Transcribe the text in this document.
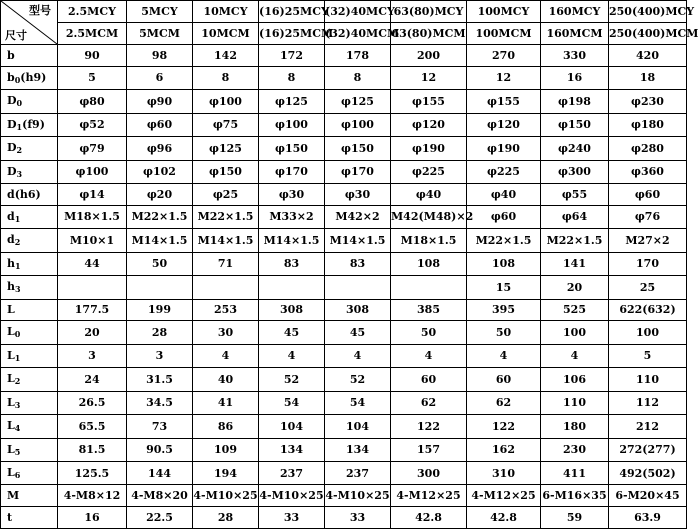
型号
尺寸	2.5MCY	5MCY	10MCY	(16)25MCY	(32)40MCY	63(80)MCY	100MCY	160MCY	250(400)MCY
	2.5MCM	5MCM	10MCM	(16)25MCM	(32)40MCM	63(80)MCM	100MCM	160MCM	250(400)MCM
b	90	98	142	172	178	200	270	330	420
$b_0(h9)$	5	6	8	8	8	12	12	16	18
$D_0$	φ80	φ90	φ100	φ125	φ125	φ155	φ155	φ198	φ230
$D_1(f9)$	φ52	φ60	φ75	φ100	φ100	φ120	φ120	φ150	φ180
$D_2$	φ79	φ96	φ125	φ150	φ150	φ190	φ190	φ240	φ280
$D_3$	φ100	φ102	φ150	φ170	φ170	φ225	φ225	φ300	φ360
d(h6)	φ14	φ20	φ25	φ30	φ30	φ40	φ40	φ55	φ60
$d_1$	M18×1.5	M22×1.5	M22×1.5	M33×2	M42×2	M42(M48)×2	φ60	φ64	φ76
$d_2$	M10×1	M14×1.5	M14×1.5	M14×1.5	M14×1.5	M18×1.5	M22×1.5	M22×1.5	M27×2
$h_1$	44	50	71	83	83	108	108	141	170
$h_3$							15	20	25
L	177.5	199	253	308	308	385	395	525	622(632)
$L_0$	20	28	30	45	45	50	50	100	100
$L_1$	3	3	4	4	4	4	4	4	5
$L_2$	24	31.5	40	52	52	60	60	106	110
$L_3$	26.5	34.5	41	54	54	62	62	110	112
$L_4$	65.5	73	86	104	104	122	122	180	212
$L_5$	81.5	90.5	109	134	134	157	162	230	272(277)
$L_6$	125.5	144	194	237	237	300	310	411	492(502)
M	4-M8×12	4-M8×20	4-M10×25	4-M10×25	4-M10×25	4-M12×25	4-M12×25	6-M16×35	6-M20×45
t	16	22.5	28	33	33	42.8	42.8	59	63.9
